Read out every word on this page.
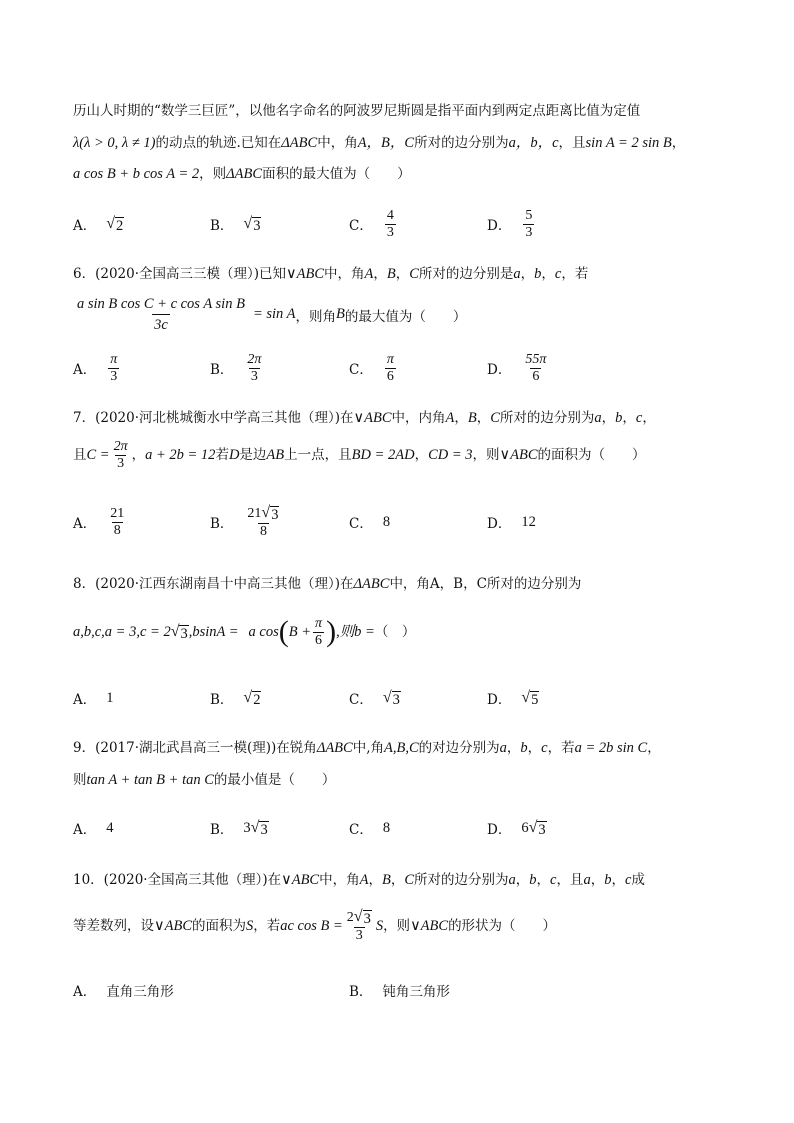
历山人时期的“数学三巨匠”，以他名字命名的阿波罗尼斯圆是指平面内到两定点距离比值为定值
λ(λ > 0, λ ≠ 1)的动点的轨迹.已知在ΔABC中，角A，B，C所对的边分别为a，b，c，且sin A = 2 sin B，
a cos B + b cos A = 2，则ΔABC面积的最大值为（　　）
A． √ 2	B． √ 3	C． $\frac{4}{3}$	D． $\frac{5}{3}$
6．(2020·全国高三三模（理）)已知∨ABC中，角A，B，C所对的边分别是a，b，c，若
$\frac{\text{a sin B cos C + c cos A sin B}}{3c} = \sin A$ ，则角 B 的最大值为（　　）
A． $\frac{\pi}{3}$	B． $\frac{2\pi}{3}$	C． $\frac{\pi}{6}$	D． $\frac{55\pi}{6}$
7．(2020·河北桃城衡水中学高三其他（理）)在∨ABC中，内角A，B，C所对的边分别为a，b，c，
且 $C = \frac{2\pi}{3}$ ， a + 2b = 12 若 D 是边 AB 上一点，且 BD = 2AD ， CD = 3 ，则 ∨ABC 的面积为（　　）
A． $\frac{21}{8}$	B． $\frac{21 √ 3}{8}$	C． 8	D． 12
8．(2020·江西东湖南昌十中高三其他（理）)在ΔABC中，角A，B，C所对的边分别为
a,b,c,a = 3,c = 2 √ 3 ,bsinA = a cos ( $B + \frac{\pi}{6}$ ) ,则b = （　）
A． 1	B． √ 2	C． √ 3	D． √ 5
9．(2017·湖北武昌高三一模(理))在锐角ΔABC中,角A,B,C的对边分别为a，b，c，若a = 2b sin C，
则tan A + tan B + tan C的最小值是（　　）
A． 4	B． 3 √ 3	C． 8	D． 6 √ 3
10．(2020·全国高三其他（理）)在∨ABC中，角A，B，C所对的边分别为a，b，c，且a，b，c成
等差数列，设 ∨ABC 的面积为 S ，若 ac $\cos B = \frac{2 √ 3}{3}$ S ，则 ∨ABC 的形状为（　　）
A． 直角三角形	B． 钝角三角形
